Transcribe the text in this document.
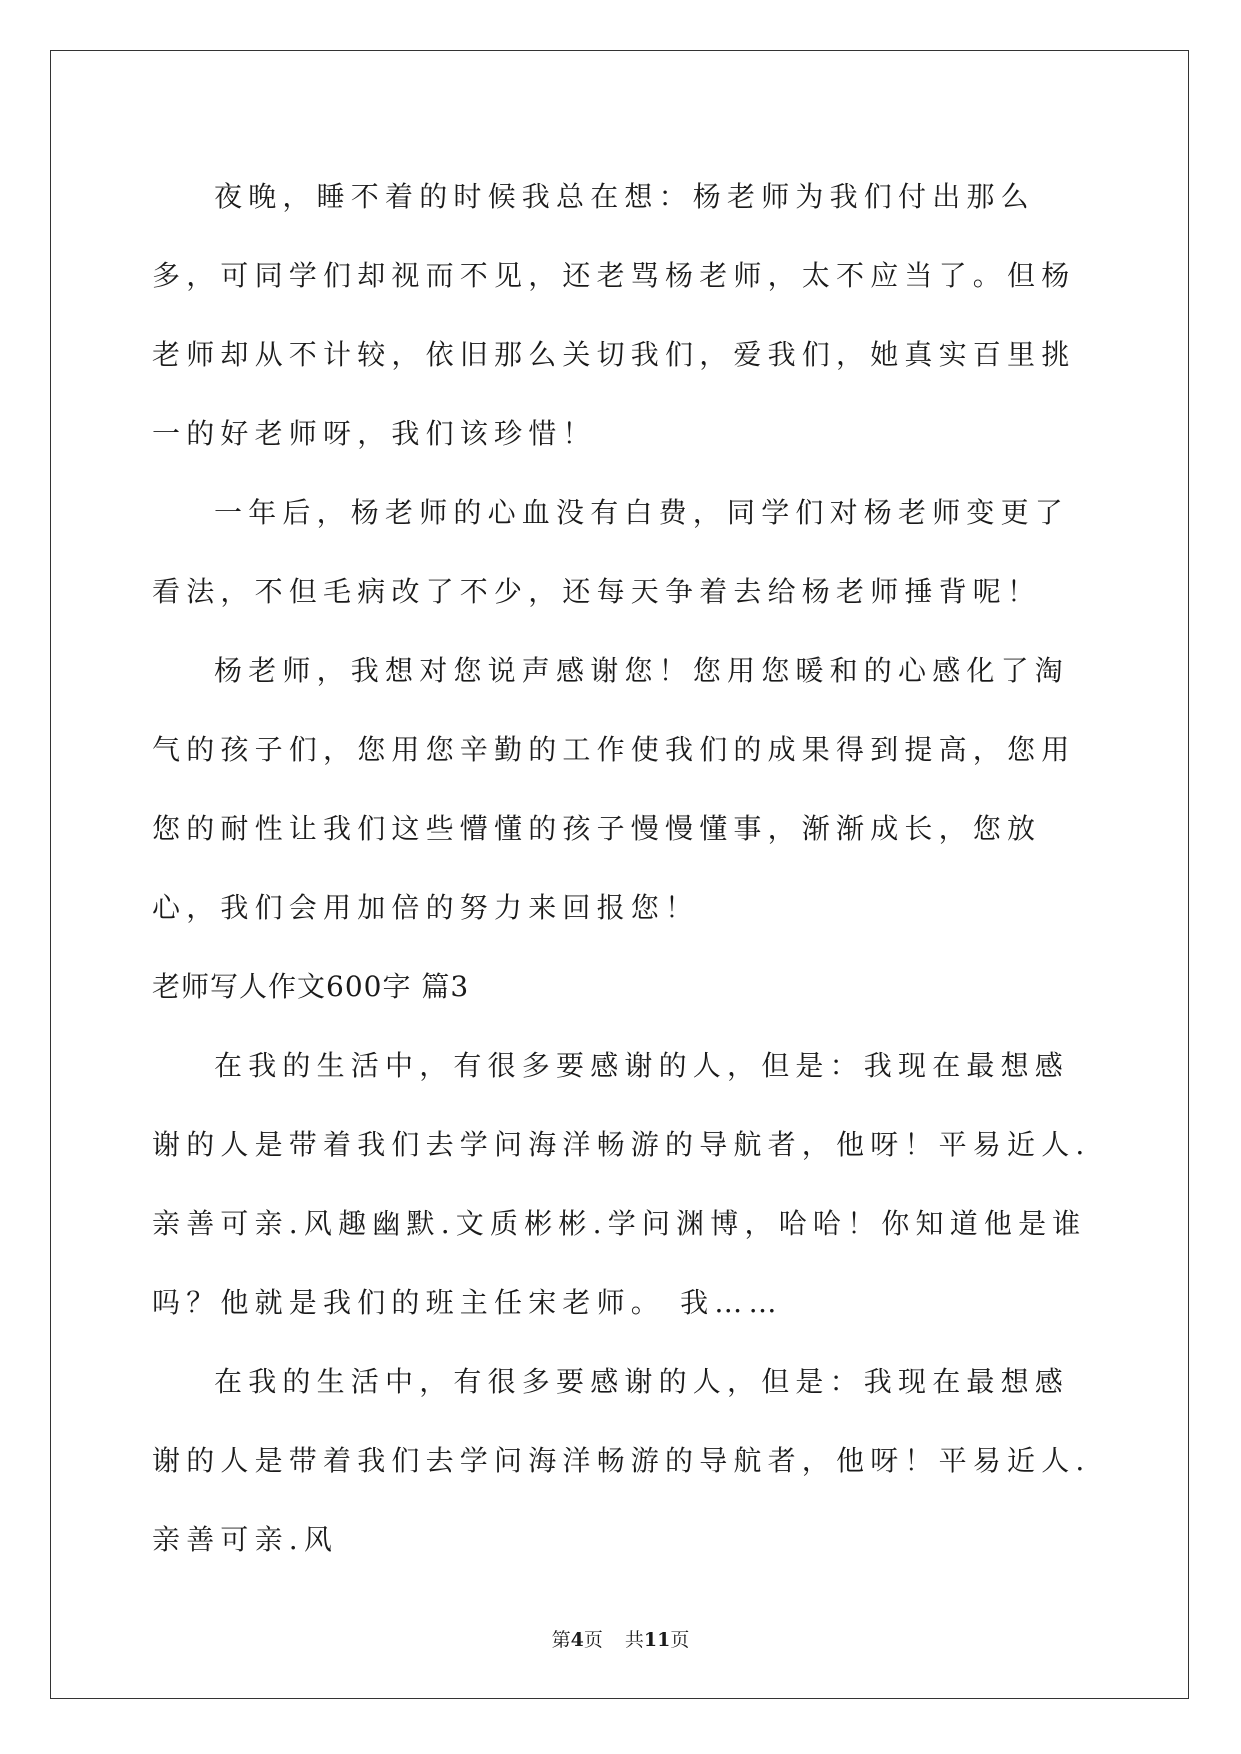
夜晚，睡不着的时候我总在想：杨老师为我们付出那么多，可同学们却视而不见，还老骂杨老师，太不应当了。但杨老师却从不计较，依旧那么关切我们，爱我们，她真实百里挑一的好老师呀，我们该珍惜！

一年后，杨老师的心血没有白费，同学们对杨老师变更了看法，不但毛病改了不少，还每天争着去给杨老师捶背呢！

杨老师，我想对您说声感谢您！您用您暖和的心感化了淘气的孩子们，您用您辛勤的工作使我们的成果得到提高，您用您的耐性让我们这些懵懂的孩子慢慢懂事，渐渐成长，您放心，我们会用加倍的努力来回报您！

老师写人作文600字 篇3

在我的生活中，有很多要感谢的人，但是：我现在最想感谢的人是带着我们去学问海洋畅游的导航者，他呀！平易近人.亲善可亲.风趣幽默.文质彬彬.学问渊博，哈哈！你知道他是谁吗？他就是我们的班主任宋老师。 我……

在我的生活中，有很多要感谢的人，但是：我现在最想感谢的人是带着我们去学问海洋畅游的导航者，他呀！平易近人.亲善可亲.风

第4页 共11页
